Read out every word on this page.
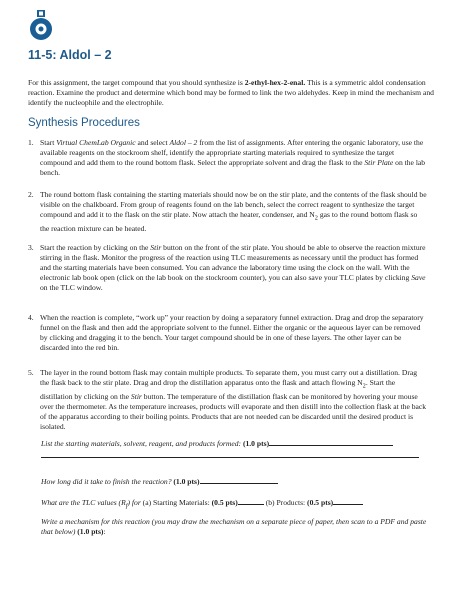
11-5: Aldol – 2
For this assignment, the target compound that you should synthesize is 2-ethyl-hex-2-enal. This is a symmetric aldol condensation reaction. Examine the product and determine which bond may be formed to link the two aldehydes. Keep in mind the mechanism and identify the nucleophile and the electrophile.
Synthesis Procedures
1. Start Virtual ChemLab Organic and select Aldol – 2 from the list of assignments. After entering the organic laboratory, use the available reagents on the stockroom shelf, identify the appropriate starting materials required to synthesize the target compound and add them to the round bottom flask. Select the appropriate solvent and drag the flask to the Stir Plate on the lab bench.
2. The round bottom flask containing the starting materials should now be on the stir plate, and the contents of the flask should be visible on the chalkboard. From group of reagents found on the lab bench, select the correct reagent to synthesize the target compound and add it to the flask on the stir plate. Now attach the heater, condenser, and $N_2$ gas to the round bottom flask so the reaction mixture can be heated.
3. Start the reaction by clicking on the Stir button on the front of the stir plate. You should be able to observe the reaction mixture stirring in the flask. Monitor the progress of the reaction using TLC measurements as necessary until the product has formed and the starting materials have been consumed. You can advance the laboratory time using the clock on the wall. With the electronic lab book open (click on the lab book on the stockroom counter), you can also save your TLC plates by clicking Save on the TLC window.
4. When the reaction is complete, “work up” your reaction by doing a separatory funnel extraction. Drag and drop the separatory funnel on the flask and then add the appropriate solvent to the funnel. Either the organic or the aqueous layer can be removed by clicking and dragging it to the bench. Your target compound should be in one of these layers. The other layer can be discarded into the red bin.
5. The layer in the round bottom flask may contain multiple products. To separate them, you must carry out a distillation. Drag the flask back to the stir plate. Drag and drop the distillation apparatus onto the flask and attach flowing $N_2$. Start the distillation by clicking on the Stir button. The temperature of the distillation flask can be monitored by hovering your mouse over the thermometer. As the temperature increases, products will evaporate and then distill into the collection flask at the back of the apparatus according to their boiling points. Products that are not needed can be discarded until the desired product is isolated.
List the starting materials, solvent, reagent, and products formed: (1.0 pts)
How long did it take to finish the reaction? (1.0 pts)
What are the TLC values $(R_f)$ for (a) Starting Materials: (0.5 pts)	(b) Products: (0.5 pts)
Write a mechanism for this reaction (you may draw the mechanism on a separate piece of paper, then scan to a PDF and paste that below) (1.0 pts):
